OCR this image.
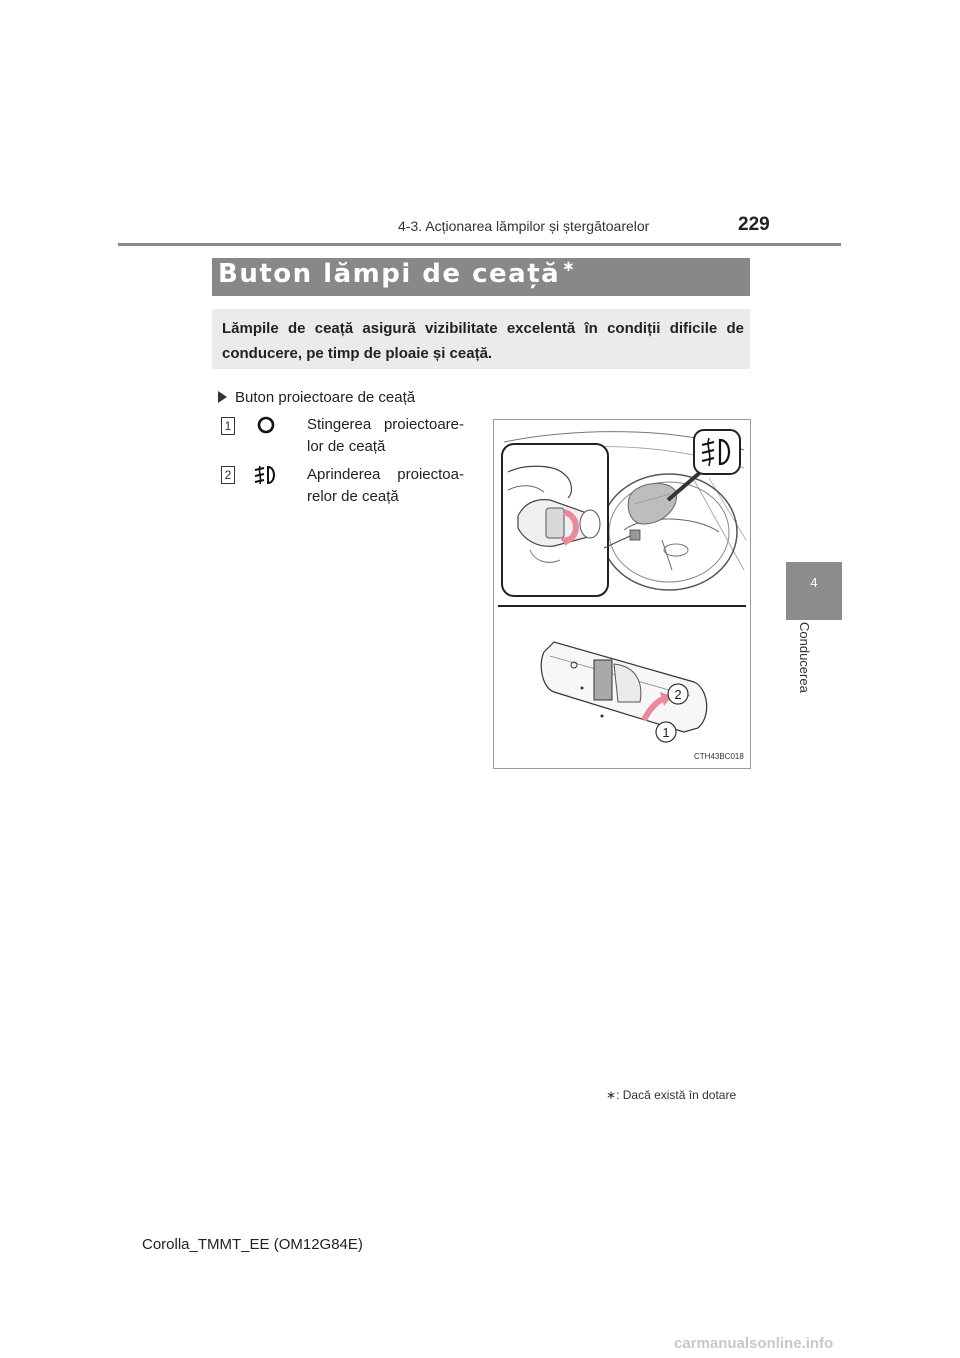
4-3. Acționarea lămpilor și ștergătoarelor	229
4
Conducerea
Buton lămpi de ceață ∗
Lămpile de ceață asigură vizibilitate excelentă în condiții dificile de conducere, pe timp de ploaie și ceață.
Buton proiectoare de ceață
1	Stingerea proiectoare-
lor de ceață
2	Aprinderea proiectoa-
relor de ceață
2
1
CTH43BC018
∗: Dacă există în dotare
Corolla_TMMT_EE (OM12G84E)
carmanualsonline.info
